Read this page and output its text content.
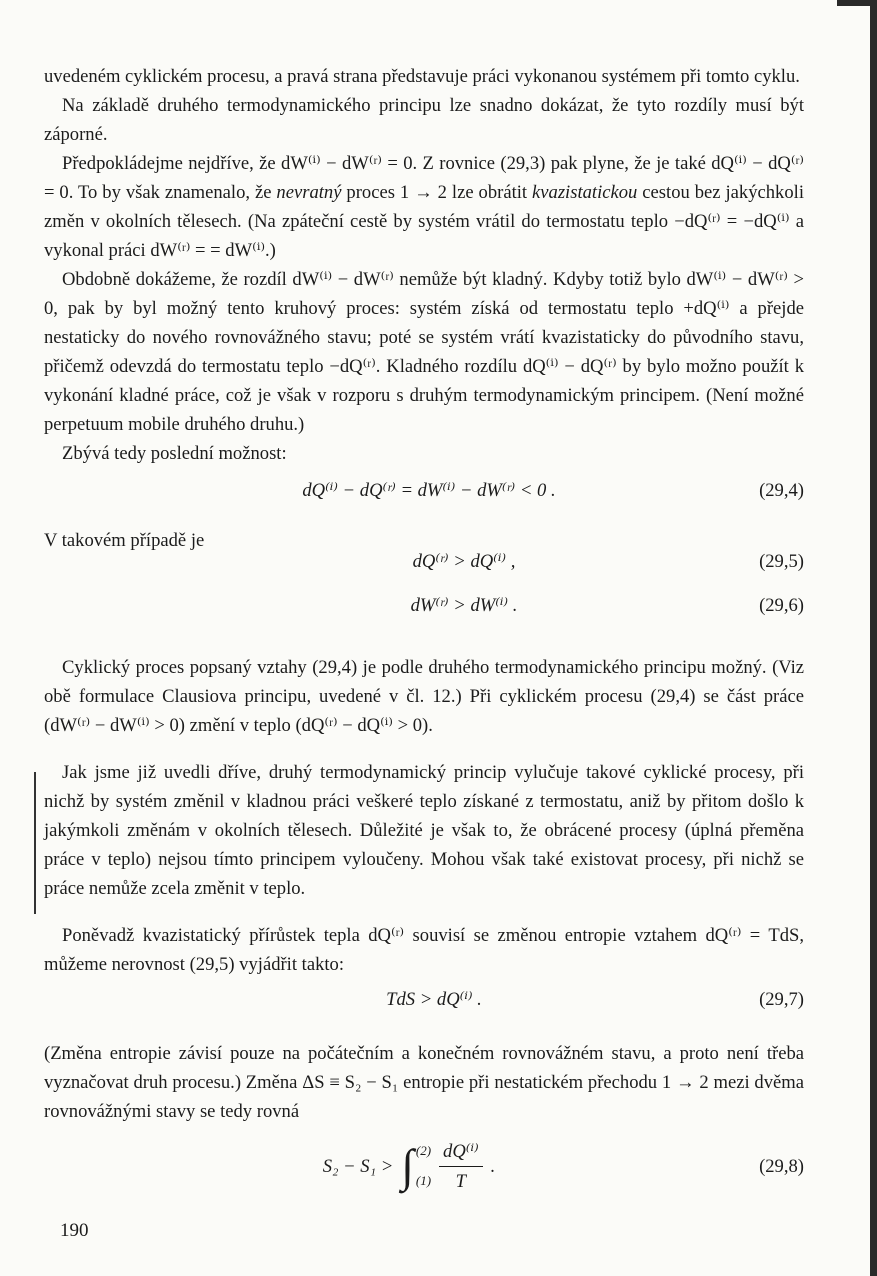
uvedeném cyklickém procesu, a pravá strana představuje práci vykonanou systémem při tomto cyklu.

Na základě druhého termodynamického principu lze snadno dokázat, že tyto rozdíly musí být záporné.

Předpokládejme nejdříve, že dW⁽ⁱ⁾ − dW⁽ʳ⁾ = 0. Z rovnice (29,3) pak plyne, že je také dQ⁽ⁱ⁾ − dQ⁽ʳ⁾ = 0. To by však znamenalo, že nevratný proces 1 → 2 lze obrátit kvazistatickou cestou bez jakýchkoli změn v okolních tělesech. (Na zpáteční cestě by systém vrátil do termostatu teplo −dQ⁽ʳ⁾ = −dQ⁽ⁱ⁾ a vykonal práci dW⁽ʳ⁾ = = dW⁽ⁱ⁾.)

Obdobně dokážeme, že rozdíl dW⁽ⁱ⁾ − dW⁽ʳ⁾ nemůže být kladný. Kdyby totiž bylo dW⁽ⁱ⁾ − dW⁽ʳ⁾ > 0, pak by byl možný tento kruhový proces: systém získá od termostatu teplo +dQ⁽ⁱ⁾ a přejde nestaticky do nového rovnovážného stavu; poté se systém vrátí kvazistaticky do původního stavu, přičemž odevzdá do termostatu teplo −dQ⁽ʳ⁾. Kladného rozdílu dQ⁽ⁱ⁾ − dQ⁽ʳ⁾ by bylo možno použít k vykonání kladné práce, což je však v rozporu s druhým termodynamickým principem. (Není možné perpetuum mobile druhého druhu.)

Zbývá tedy poslední možnost:

dQ⁽ⁱ⁾ − dQ⁽ʳ⁾ = dW⁽ⁱ⁾ − dW⁽ʳ⁾ < 0 .	(29,4)

V takovém případě je

dQ⁽ʳ⁾ > dQ⁽ⁱ⁾ ,	(29,5)
dW⁽ʳ⁾ > dW⁽ⁱ⁾ .	(29,6)

Cyklický proces popsaný vztahy (29,4) je podle druhého termodynamického principu možný. (Viz obě formulace Clausiova principu, uvedené v čl. 12.) Při cyklickém procesu (29,4) se část práce (dW⁽ʳ⁾ − dW⁽ⁱ⁾ > 0) změní v teplo (dQ⁽ʳ⁾ − dQ⁽ⁱ⁾ > 0).

Jak jsme již uvedli dříve, druhý termodynamický princip vylučuje takové cyklické procesy, při nichž by systém změnil v kladnou práci veškeré teplo získané z termostatu, aniž by přitom došlo k jakýmkoli změnám v okolních tělesech. Důležité je však to, že obrácené procesy (úplná přeměna práce v teplo) nejsou tímto principem vyloučeny. Mohou však také existovat procesy, při nichž se práce nemůže zcela změnit v teplo.

Poněvadž kvazistatický přírůstek tepla dQ⁽ʳ⁾ souvisí se změnou entropie vztahem dQ⁽ʳ⁾ = TdS, můžeme nerovnost (29,5) vyjádřit takto:

TdS > dQ⁽ⁱ⁾ .	(29,7)

(Změna entropie závisí pouze na počátečním a konečném rovnovážném stavu, a proto není třeba vyznačovat druh procesu.) Změna ΔS ≡ S₂ − S₁ entropie při nestatickém přechodu 1 → 2 mezi dvěma rovnovážnými stavy se tedy rovná

S₂ − S₁ > ∫ (2)
$(1) \frac{\text{dQ⁽ⁱ⁾}}{T}$ .	(29,8)
190
